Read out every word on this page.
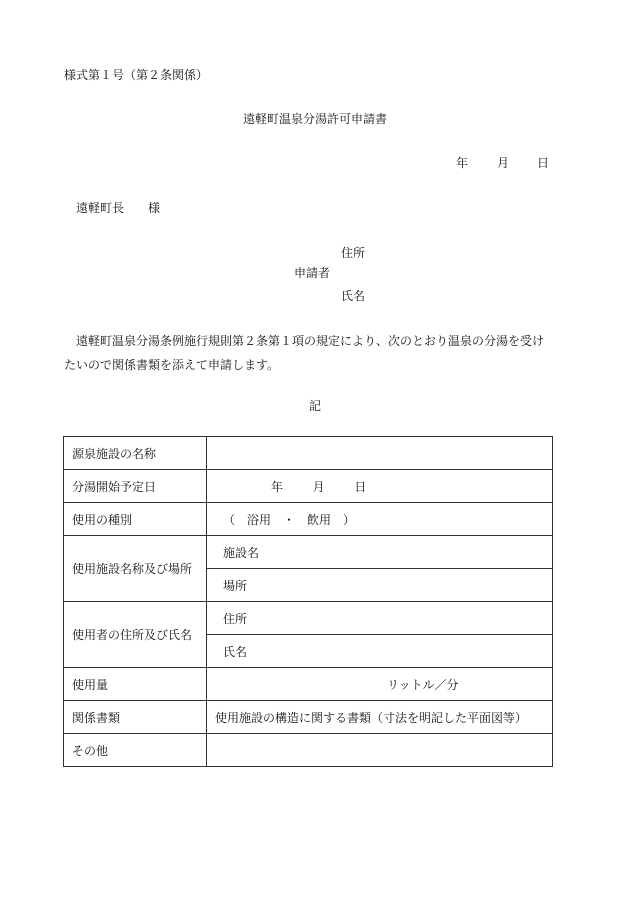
様式第１号（第２条関係）
遠軽町温泉分湯許可申請書
年 月 日
遠軽町長　　様
住所
申請者
氏名
遠軽町温泉分湯条例施行規則第２条第１項の規定により、次のとおり温泉の分湯を受けたいので関係書類を添えて申請します。
記
源泉施設の名称	
分湯開始予定日	年 月 日
使用の種別	（　浴用　・　飲用　）
使用施設名称及び場所	施設名
	場所
使用者の住所及び氏名	住所
	氏名
使用量	リットル／分
関係書類	使用施設の構造に関する書類（寸法を明記した平面図等）
その他	
